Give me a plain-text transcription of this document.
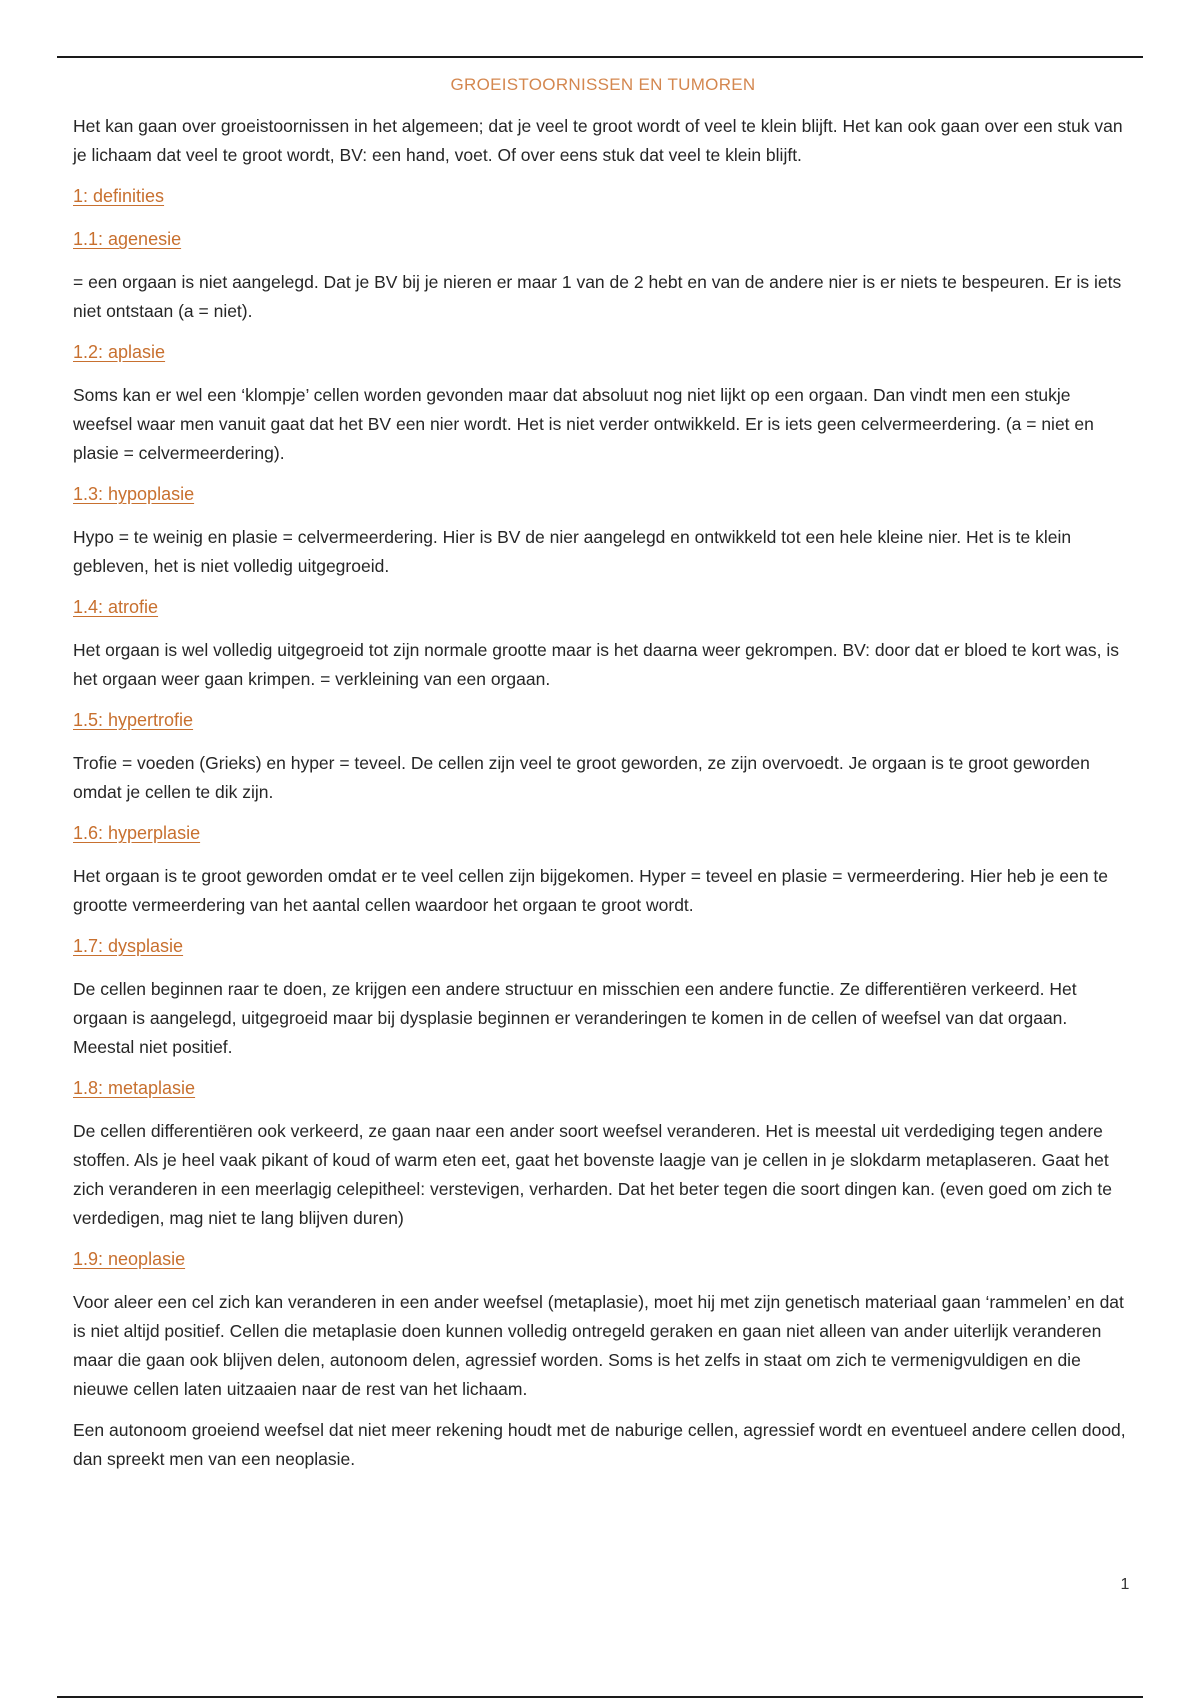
GROEISTOORNISSEN EN TUMOREN

Het kan gaan over groeistoornissen in het algemeen; dat je veel te groot wordt of veel te klein blijft. Het kan ook gaan over een stuk van je lichaam dat veel te groot wordt, BV: een hand, voet. Of over eens stuk dat veel te klein blijft.

1: definities
1.1: agenesie

= een orgaan is niet aangelegd. Dat je BV bij je nieren er maar 1 van de 2 hebt en van de andere nier is er niets te bespeuren. Er is iets niet ontstaan (a = niet).

1.2: aplasie

Soms kan er wel een ‘klompje’ cellen worden gevonden maar dat absoluut nog niet lijkt op een orgaan. Dan vindt men een stukje weefsel waar men vanuit gaat dat het BV een nier wordt. Het is niet verder ontwikkeld. Er is iets geen celvermeerdering. (a = niet en plasie = celvermeerdering).

1.3: hypoplasie

Hypo = te weinig en plasie = celvermeerdering. Hier is BV de nier aangelegd en ontwikkeld tot een hele kleine nier. Het is te klein gebleven, het is niet volledig uitgegroeid.

1.4: atrofie

Het orgaan is wel volledig uitgegroeid tot zijn normale grootte maar is het daarna weer gekrompen. BV: door dat er bloed te kort was, is het orgaan weer gaan krimpen. = verkleining van een orgaan.

1.5: hypertrofie

Trofie = voeden (Grieks) en hyper = teveel. De cellen zijn veel te groot geworden, ze zijn overvoedt. Je orgaan is te groot geworden omdat je cellen te dik zijn.

1.6: hyperplasie

Het orgaan is te groot geworden omdat er te veel cellen zijn bijgekomen. Hyper = teveel en plasie = vermeerdering. Hier heb je een te grootte vermeerdering van het aantal cellen waardoor het orgaan te groot wordt.

1.7: dysplasie

De cellen beginnen raar te doen, ze krijgen een andere structuur en misschien een andere functie. Ze differentiëren verkeerd. Het orgaan is aangelegd, uitgegroeid maar bij dysplasie beginnen er veranderingen te komen in de cellen of weefsel van dat orgaan. Meestal niet positief.

1.8: metaplasie

De cellen differentiëren ook verkeerd, ze gaan naar een ander soort weefsel veranderen. Het is meestal uit verdediging tegen andere stoffen. Als je heel vaak pikant of koud of warm eten eet, gaat het bovenste laagje van je cellen in je slokdarm metaplaseren. Gaat het zich veranderen in een meerlagig celepitheel: verstevigen, verharden. Dat het beter tegen die soort dingen kan. (even goed om zich te verdedigen, mag niet te lang blijven duren)

1.9: neoplasie

Voor aleer een cel zich kan veranderen in een ander weefsel (metaplasie), moet hij met zijn genetisch materiaal gaan ‘rammelen’ en dat is niet altijd positief. Cellen die metaplasie doen kunnen volledig ontregeld geraken en gaan niet alleen van ander uiterlijk veranderen maar die gaan ook blijven delen, autonoom delen, agressief worden. Soms is het zelfs in staat om zich te vermenigvuldigen en die nieuwe cellen laten uitzaaien naar de rest van het lichaam.

Een autonoom groeiend weefsel dat niet meer rekening houdt met de naburige cellen, agressief wordt en eventueel andere cellen dood, dan spreekt men van een neoplasie.

1
